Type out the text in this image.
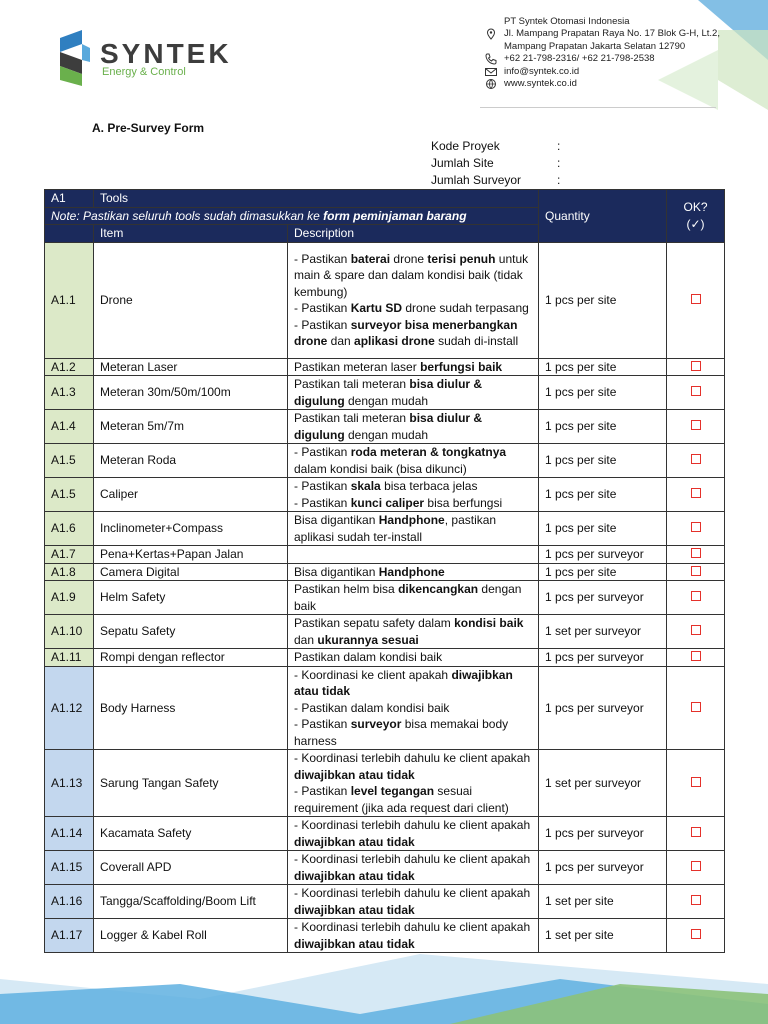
SYNTEK
Energy & Control
PT Syntek Otomasi Indonesia
Jl. Mampang Prapatan Raya No. 17 Blok G-H, Lt.2,
Mampang Prapatan Jakarta Selatan 12790
+62 21-798-2316/ +62 21-798-2538
info@syntek.co.id
www.syntek.co.id
A. Pre-Survey Form
Kode Proyek	:
Jumlah Site	:
Jumlah Surveyor	:
A1	Tools		Quantity	OK?
(✓)

Note: Pastikan seluruh tools sudah dimasukkan ke form peminjaman barang				
	Item	Description		
A1.1	Drone	- Pastikan baterai drone terisi penuh untuk main & spare dan dalam kondisi baik (tidak kembung)
- Pastikan Kartu SD drone sudah terpasang
- Pastikan surveyor bisa menerbangkan drone dan aplikasi drone sudah di-install	1 pcs per site	
A1.2	Meteran Laser	Pastikan meteran laser berfungsi baik	1 pcs per site	
A1.3	Meteran 30m/50m/100m	Pastikan tali meteran bisa diulur & digulung dengan mudah	1 pcs per site	
A1.4	Meteran 5m/7m	Pastikan tali meteran bisa diulur & digulung dengan mudah	1 pcs per site	
A1.5	Meteran Roda	- Pastikan roda meteran & tongkatnya dalam kondisi baik (bisa dikunci)	1 pcs per site	
A1.5	Caliper	- Pastikan skala bisa terbaca jelas
- Pastikan kunci caliper bisa berfungsi	1 pcs per site	
A1.6	Inclinometer+Compass	Bisa digantikan Handphone, pastikan aplikasi sudah ter-install	1 pcs per site	
A1.7	Pena+Kertas+Papan Jalan		1 pcs per surveyor	
A1.8	Camera Digital	Bisa digantikan Handphone	1 pcs per site	
A1.9	Helm Safety	Pastikan helm bisa dikencangkan dengan baik	1 pcs per surveyor	
A1.10	Sepatu Safety	Pastikan sepatu safety dalam kondisi baik dan ukurannya sesuai	1 set per surveyor	
A1.11	Rompi dengan reflector	Pastikan dalam kondisi baik	1 pcs per surveyor	
A1.12	Body Harness	- Koordinasi ke client apakah diwajibkan atau tidak
- Pastikan dalam kondisi baik
- Pastikan surveyor bisa memakai body harness	1 pcs per surveyor	
A1.13	Sarung Tangan Safety	- Koordinasi terlebih dahulu ke client apakah diwajibkan atau tidak
- Pastikan level tegangan sesuai requirement (jika ada request dari client)	1 set per surveyor	
A1.14	Kacamata Safety	- Koordinasi terlebih dahulu ke client apakah diwajibkan atau tidak	1 pcs per surveyor	
A1.15	Coverall APD	- Koordinasi terlebih dahulu ke client apakah diwajibkan atau tidak	1 pcs per surveyor	
A1.16	Tangga/Scaffolding/Boom Lift	- Koordinasi terlebih dahulu ke client apakah diwajibkan atau tidak	1 set per site	
A1.17	Logger & Kabel Roll	- Koordinasi terlebih dahulu ke client apakah diwajibkan atau tidak	1 set per site	
